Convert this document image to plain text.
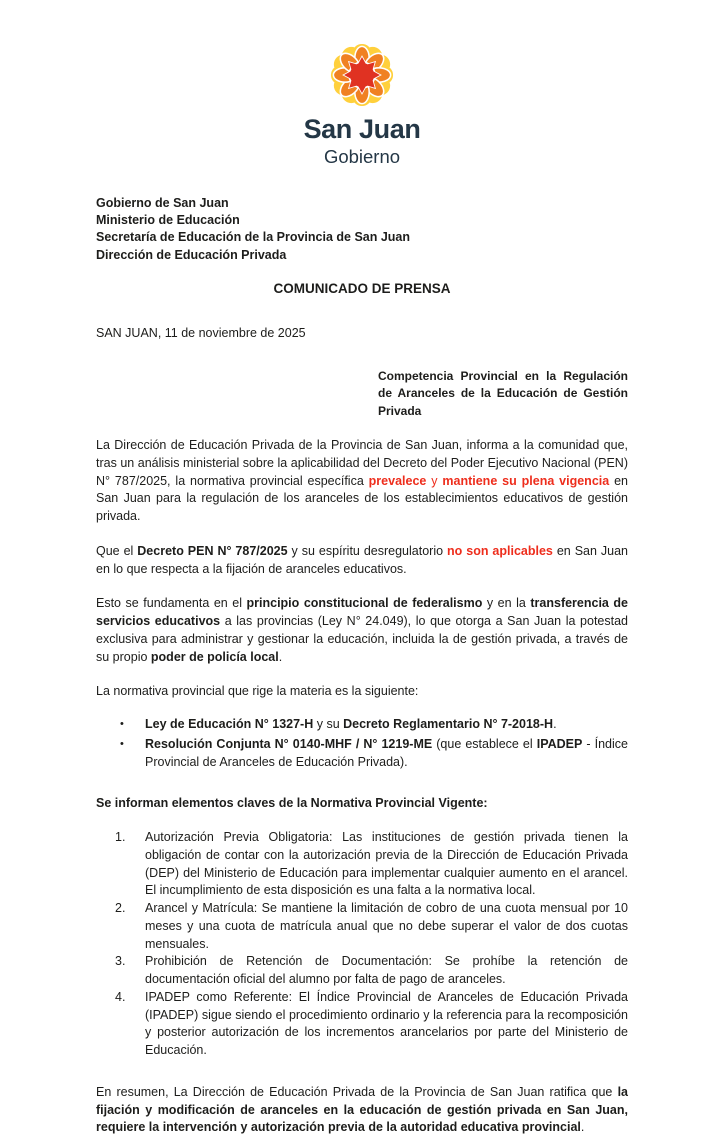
San Juan
Gobierno
Gobierno de San Juan
Ministerio de Educación
Secretaría de Educación de la Provincia de San Juan
Dirección de Educación Privada
COMUNICADO DE PRENSA
SAN JUAN, 11 de noviembre de 2025
Competencia Provincial en la Regulación de Aranceles de la Educación de Gestión Privada

La Dirección de Educación Privada de la Provincia de San Juan, informa a la comunidad que, tras un análisis ministerial sobre la aplicabilidad del Decreto del Poder Ejecutivo Nacional (PEN) N° 787/2025, la normativa provincial específica prevalece y mantiene su plena vigencia en San Juan para la regulación de los aranceles de los establecimientos educativos de gestión privada.

Que el Decreto PEN N° 787/2025 y su espíritu desregulatorio no son aplicables en San Juan en lo que respecta a la fijación de aranceles educativos.

Esto se fundamenta en el principio constitucional de federalismo y en la transferencia de servicios educativos a las provincias (Ley N° 24.049), lo que otorga a San Juan la potestad exclusiva para administrar y gestionar la educación, incluida la de gestión privada, a través de su propio poder de policía local.

La normativa provincial que rige la materia es la siguiente:

•	Ley de Educación N° 1327-H y su Decreto Reglamentario N° 7-2018-H.
•	Resolución Conjunta N° 0140-MHF / N° 1219-ME (que establece el IPADEP - Índice Provincial de Aranceles de Educación Privada).

Se informan elementos claves de la Normativa Provincial Vigente:

1.	Autorización Previa Obligatoria: Las instituciones de gestión privada tienen la obligación de contar con la autorización previa de la Dirección de Educación Privada (DEP) del Ministerio de Educación para implementar cualquier aumento en el arancel. El incumplimiento de esta disposición es una falta a la normativa local.
2.	Arancel y Matrícula: Se mantiene la limitación de cobro de una cuota mensual por 10 meses y una cuota de matrícula anual que no debe superar el valor de dos cuotas mensuales.
3.	Prohibición de Retención de Documentación: Se prohíbe la retención de documentación oficial del alumno por falta de pago de aranceles.
4.	IPADEP como Referente: El Índice Provincial de Aranceles de Educación Privada (IPADEP) sigue siendo el procedimiento ordinario y la referencia para la recomposición y posterior autorización de los incrementos arancelarios por parte del Ministerio de Educación.

En resumen, La Dirección de Educación Privada de la Provincia de San Juan ratifica que la fijación y modificación de aranceles en la educación de gestión privada en San Juan, requiere la intervención y autorización previa de la autoridad educativa provincial.
